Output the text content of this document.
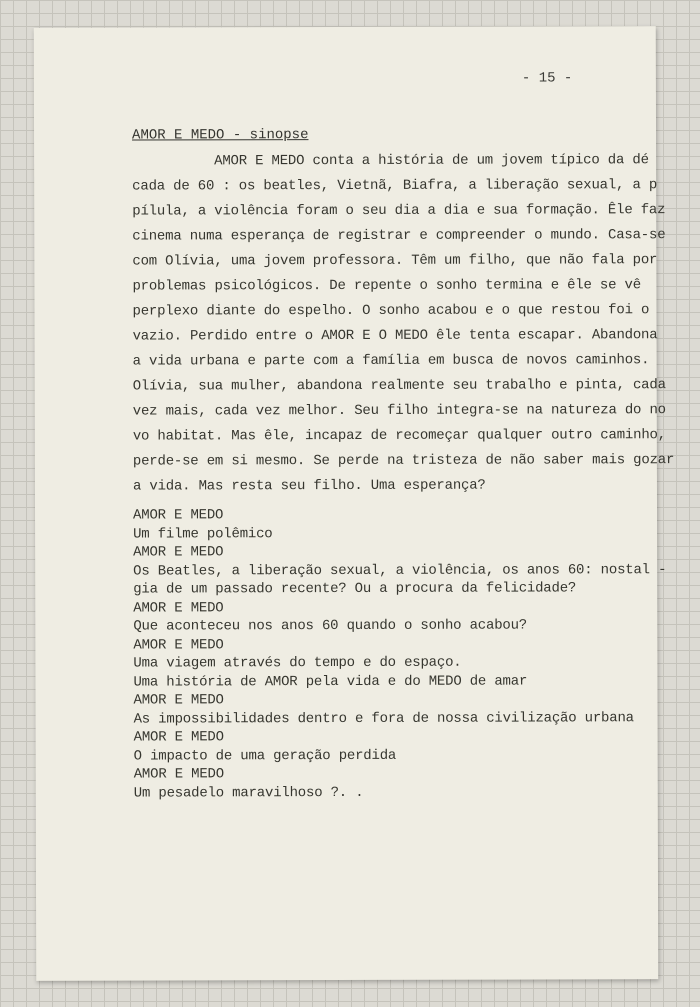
- 15 -

AMOR E MEDO - sinopse

AMOR E MEDO conta a história de um jovem típico da dé
cada de 60 : os beatles, Vietnã, Biafra, a liberação sexual, a p
pílula, a violência foram o seu dia a dia e sua formação. Êle faz
cinema numa esperança de registrar e compreender o mundo. Casa-se
com Olívia, uma jovem professora. Têm um filho, que não fala por
problemas psicológicos. De repente o sonho termina e êle se vê
perplexo diante do espelho. O sonho acabou e o que restou foi o
vazio. Perdido entre o AMOR E O MEDO êle tenta escapar. Abandona
a vida urbana e parte com a família em busca de novos caminhos.
Olívia, sua mulher, abandona realmente seu trabalho e pinta, cada
vez mais, cada vez melhor. Seu filho integra-se na natureza do no
vo habitat. Mas êle, incapaz de recomeçar qualquer outro caminho,
perde-se em si mesmo. Se perde na tristeza de não saber mais gozar
a vida. Mas resta seu filho. Uma esperança?
AMOR E MEDO
Um filme polêmico
AMOR E MEDO
Os Beatles, a liberação sexual, a violência, os anos 60: nostal -
gia de um passado recente? Ou a procura da felicidade?
AMOR E MEDO
Que aconteceu nos anos 60 quando o sonho acabou?
AMOR E MEDO
Uma viagem através do tempo e do espaço.
Uma história de AMOR pela vida e do MEDO de amar
AMOR E MEDO
As impossibilidades dentro e fora de nossa civilização urbana
AMOR E MEDO
O impacto de uma geração perdida
AMOR E MEDO
Um pesadelo maravilhoso ?. .
